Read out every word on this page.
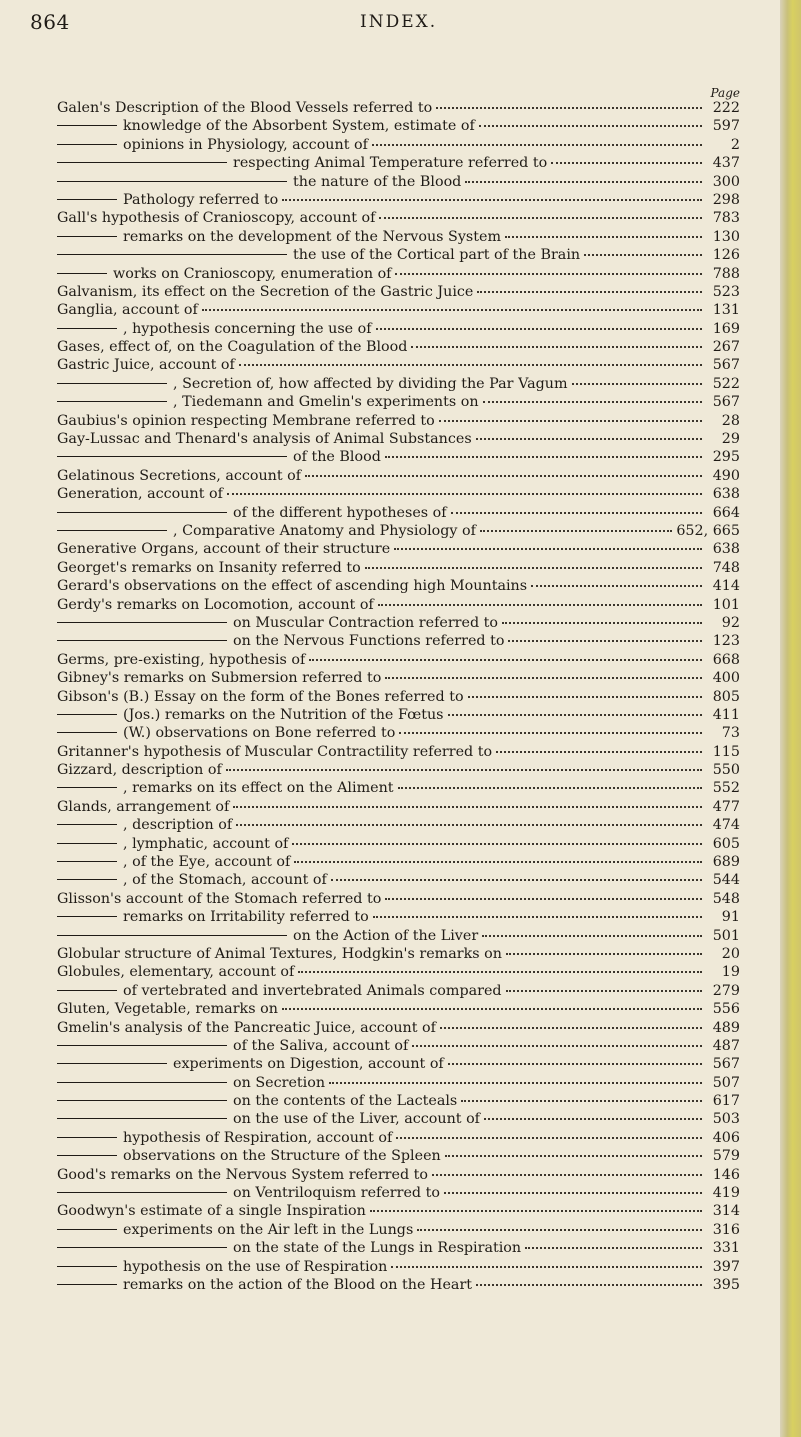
864	INDEX.
Page
Galen's Description of the Blood Vessels referred to	222
knowledge of the Absorbent System, estimate of	597
opinions in Physiology, account of	2
respecting Animal Temperature referred to	437
the nature of the Blood	300
Pathology referred to	298
Gall's hypothesis of Cranioscopy, account of	783
remarks on the development of the Nervous System	130
the use of the Cortical part of the Brain	126
works on Cranioscopy, enumeration of	788
Galvanism, its effect on the Secretion of the Gastric Juice	523
Ganglia, account of	131
, hypothesis concerning the use of	169
Gases, effect of, on the Coagulation of the Blood	267
Gastric Juice, account of	567
, Secretion of, how affected by dividing the Par Vagum	522
, Tiedemann and Gmelin's experiments on	567
Gaubius's opinion respecting Membrane referred to	28
Gay-Lussac and Thenard's analysis of Animal Substances	29
of the Blood	295
Gelatinous Secretions, account of	490
Generation, account of	638
of the different hypotheses of	664
, Comparative Anatomy and Physiology of	652, 665
Generative Organs, account of their structure	638
Georget's remarks on Insanity referred to	748
Gerard's observations on the effect of ascending high Mountains	414
Gerdy's remarks on Locomotion, account of	101
on Muscular Contraction referred to	92
on the Nervous Functions referred to	123
Germs, pre-existing, hypothesis of	668
Gibney's remarks on Submersion referred to	400
Gibson's (B.) Essay on the form of the Bones referred to	805
(Jos.) remarks on the Nutrition of the Fœtus	411
(W.) observations on Bone referred to	73
Gritanner's hypothesis of Muscular Contractility referred to	115
Gizzard, description of	550
, remarks on its effect on the Aliment	552
Glands, arrangement of	477
, description of	474
, lymphatic, account of	605
, of the Eye, account of	689
, of the Stomach, account of	544
Glisson's account of the Stomach referred to	548
remarks on Irritability referred to	91
on the Action of the Liver	501
Globular structure of Animal Textures, Hodgkin's remarks on	20
Globules, elementary, account of	19
of vertebrated and invertebrated Animals compared	279
Gluten, Vegetable, remarks on	556
Gmelin's analysis of the Pancreatic Juice, account of	489
of the Saliva, account of	487
experiments on Digestion, account of	567
on Secretion	507
on the contents of the Lacteals	617
on the use of the Liver, account of	503
hypothesis of Respiration, account of	406
observations on the Structure of the Spleen	579
Good's remarks on the Nervous System referred to	146
on Ventriloquism referred to	419
Goodwyn's estimate of a single Inspiration	314
experiments on the Air left in the Lungs	316
on the state of the Lungs in Respiration	331
hypothesis on the use of Respiration	397
remarks on the action of the Blood on the Heart	395
